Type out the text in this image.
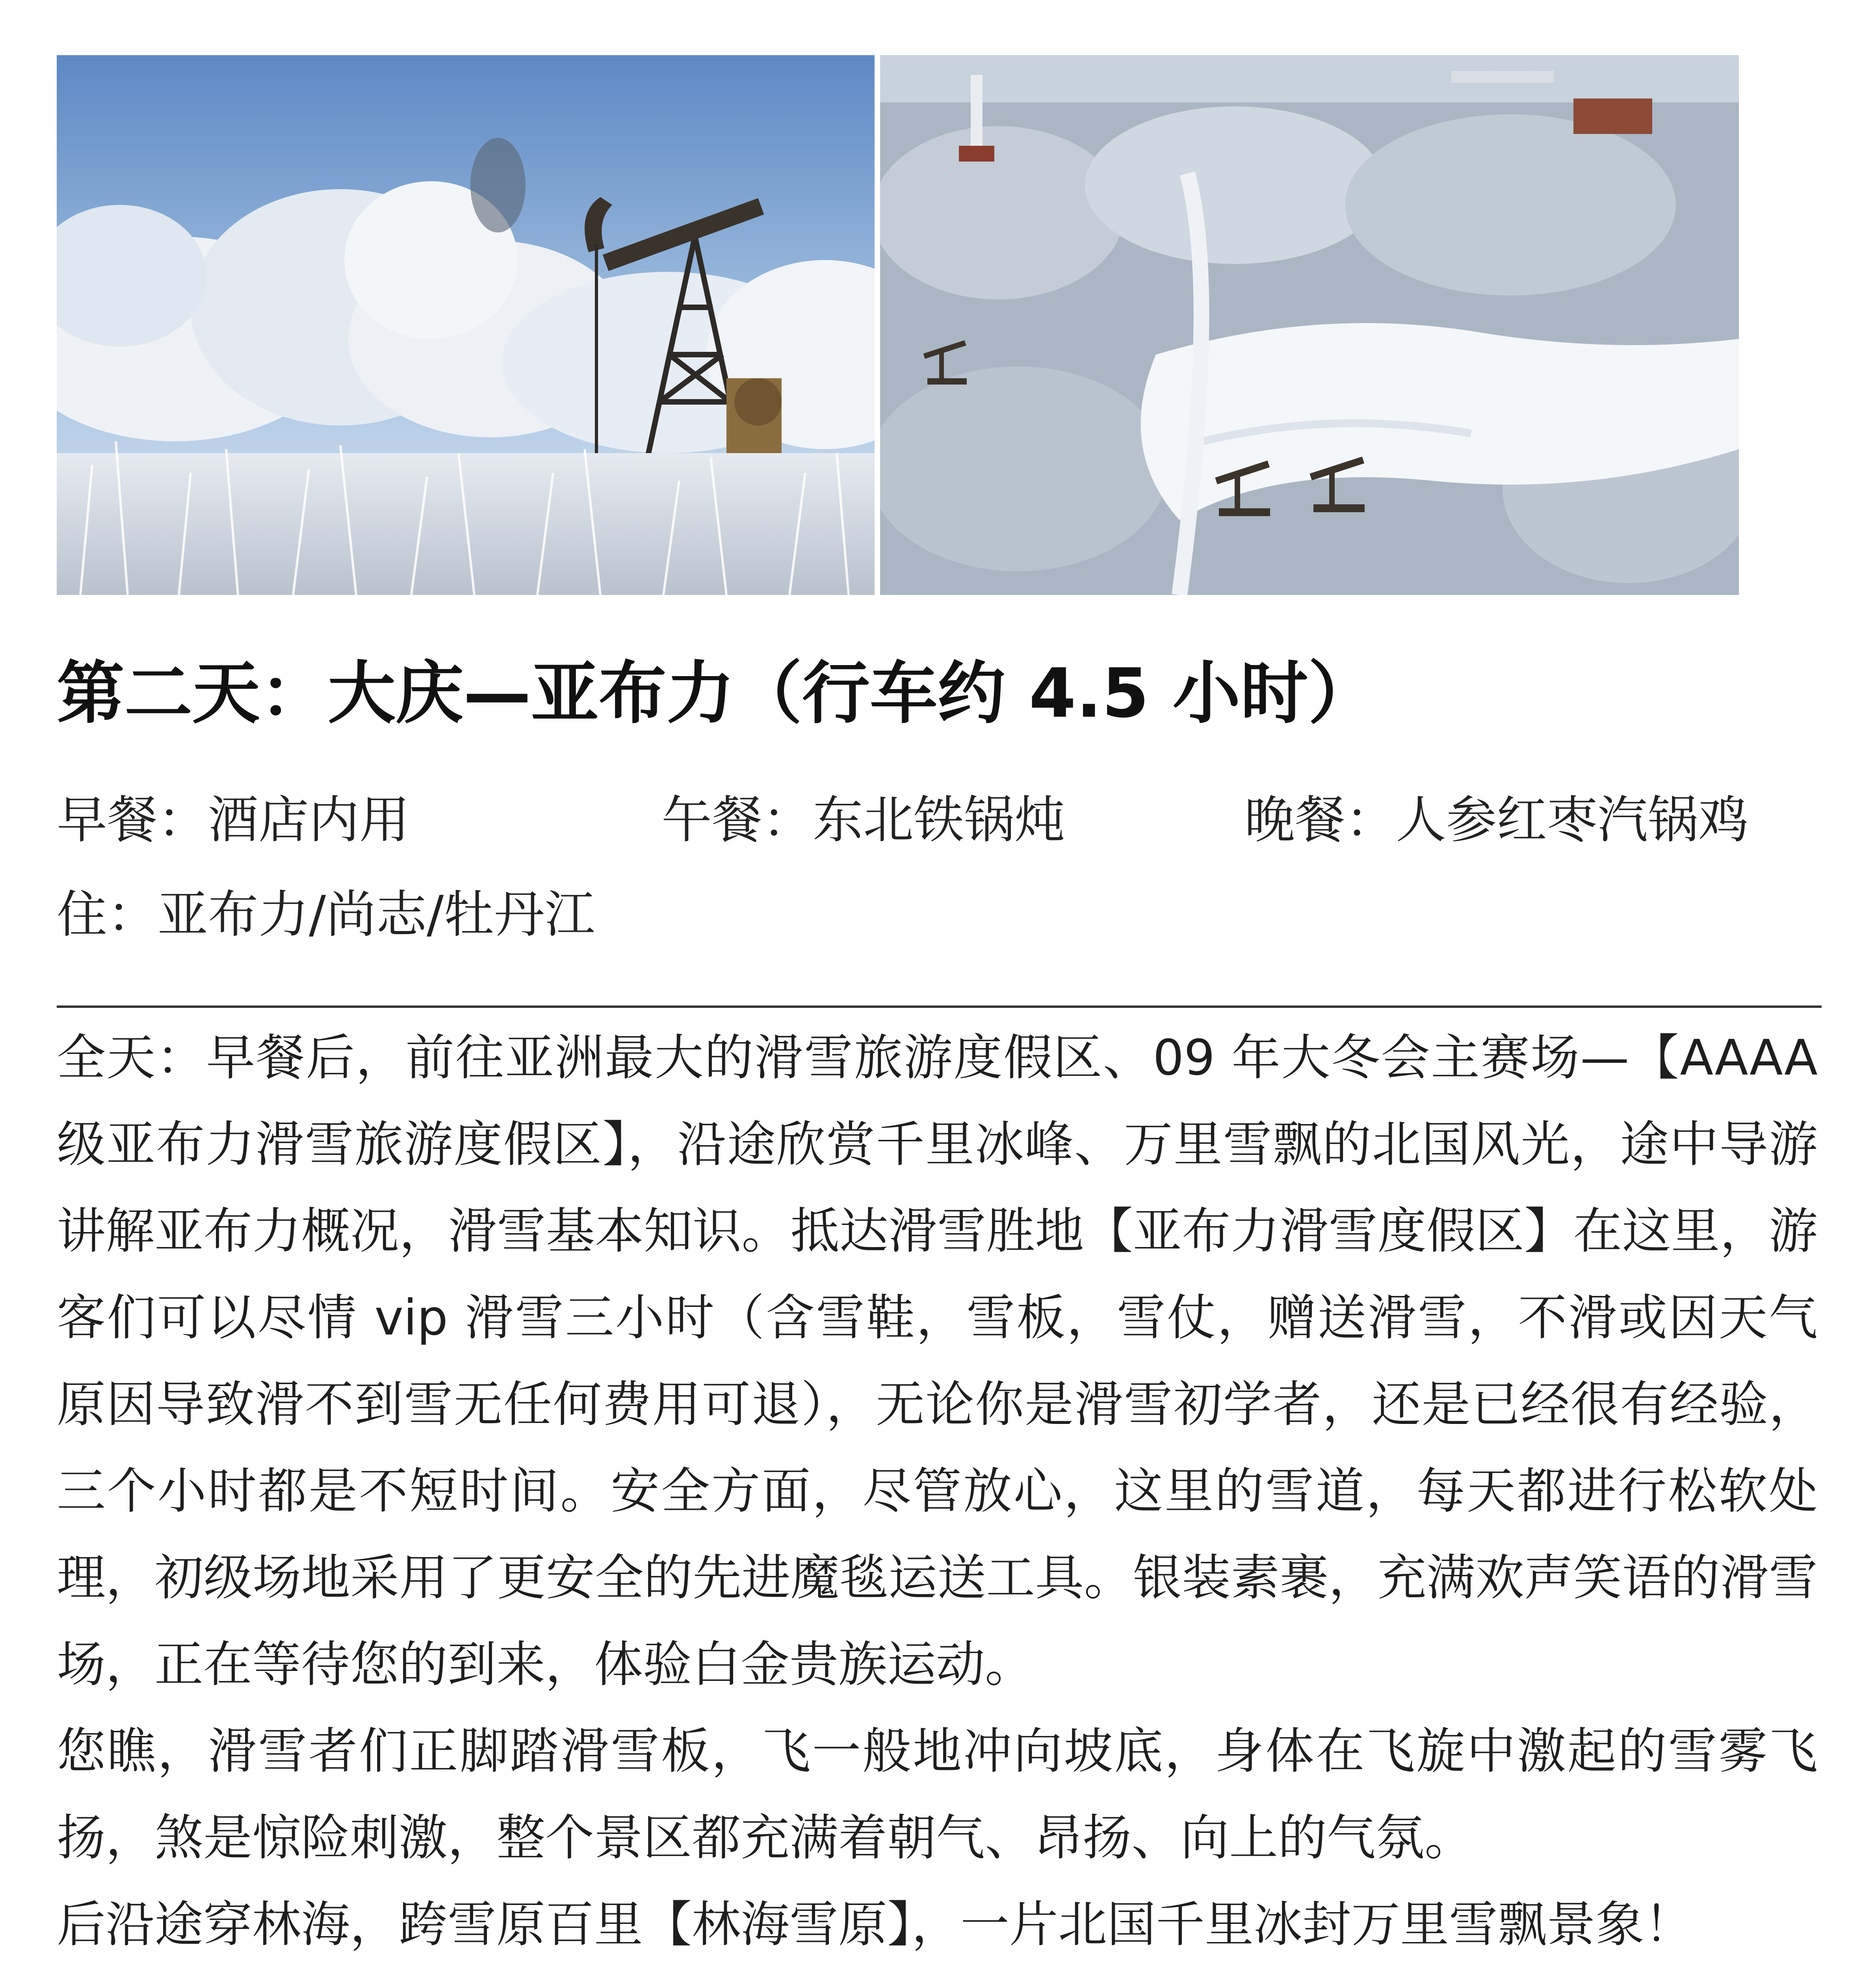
第二天：大庆—亚布力（行车约 4.5 小时）
早餐：酒店内用	午餐：东北铁锅炖	晚餐：人参红枣汽锅鸡
住：亚布力/尚志/牡丹江

全天：早餐后，前往亚洲最大的滑雪旅游度假区、09 年大冬会主赛场—【AAAA 级亚布力滑雪旅游度假区】，沿途欣赏千里冰峰、万里雪飘的北国风光，途中导游讲解亚布力概况，滑雪基本知识。抵达滑雪胜地【亚布力滑雪度假区】在这里，游客们可以尽情 vip 滑雪三小时（含雪鞋，雪板，雪仗，赠送滑雪，不滑或因天气原因导致滑不到雪无任何费用可退），无论你是滑雪初学者，还是已经很有经验，三个小时都是不短时间。安全方面，尽管放心，这里的雪道，每天都进行松软处理，初级场地采用了更安全的先进魔毯运送工具。银装素裹，充满欢声笑语的滑雪场，正在等待您的到来，体验白金贵族运动。

您瞧，滑雪者们正脚踏滑雪板，飞一般地冲向坡底，身体在飞旋中激起的雪雾飞扬，煞是惊险刺激，整个景区都充满着朝气、昂扬、向上的气氛。

后沿途穿林海，跨雪原百里【林海雪原】，一片北国千里冰封万里雪飘景象！
